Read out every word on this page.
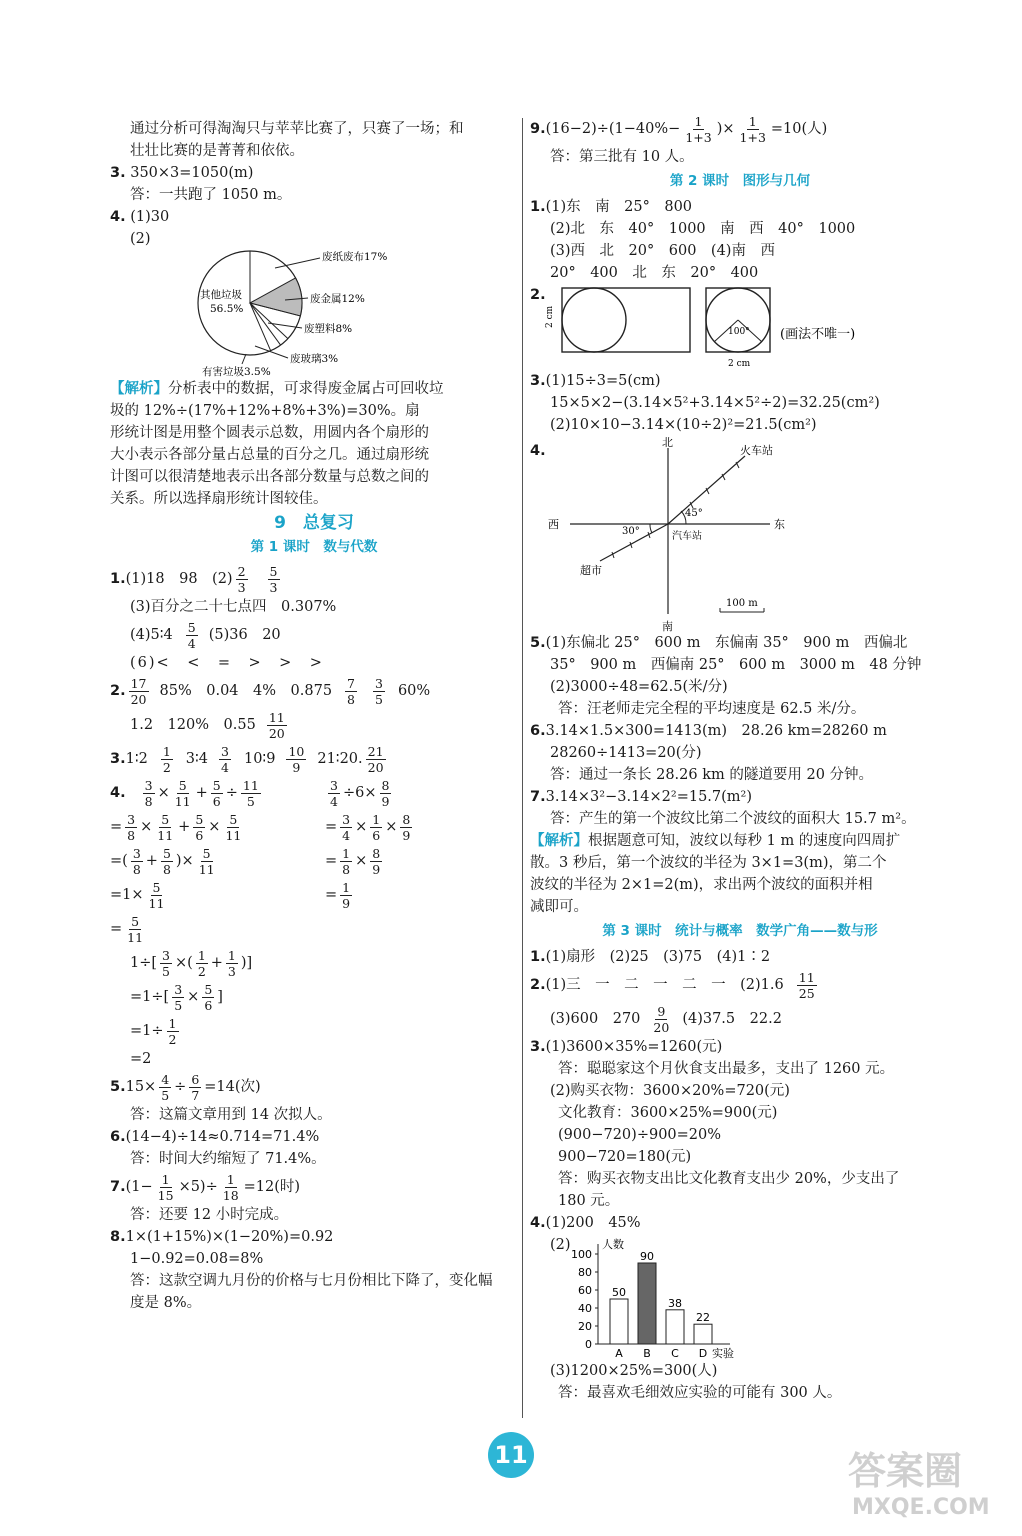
通过分析可得淘淘只与苹苹比赛了，只赛了一场；和
壮壮比赛的是菁菁和依依。
3. 350×3=1050(m)
答：一共跑了 1050 m。
4. (1)30
(2)
废纸废布17%
废金属12%
废塑料8%
废玻璃3%
有害垃圾3.5%
其他垃圾
56.5%
【解析】分析表中的数据，可求得废金属占可回收垃
圾的 12%÷(17%+12%+8%+3%)=30%。扇
形统计图是用整个圆表示总数，用圆内各个扇形的
大小表示各部分量占总量的百分之几。通过扇形统
计图可以很清楚地表示出各部分数量与总数之间的
关系。所以选择扇形统计图较佳。
9　总复习
第 1 课时　数与代数
1. (1)18　98　$(2) \frac{2}{3} \frac{5}{3}$
(3)百分之二十七点四　0.307%
(4)5∶4 $\frac{5}{4} (5)36$　20
(6)<　<　=　>　>　>
2. $\frac{17}{20} 85\%$　0.04　4%　$0.875 \frac{7}{8} \frac{3}{5} 60\%$
1.2　120%　$0.55 \frac{11}{20}$
3. 1∶2 $\frac{1}{2}$ 3∶4 $\frac{3}{4}$ 10∶9 $\frac{10}{9}$ 21∶20. $\frac{21}{20}$
4. $\frac{3}{8} \times \frac{5}{11} + \frac{5}{6} \div \frac{11}{5}$
= $\frac{3}{8} \times \frac{5}{11} + \frac{5}{6} \times \frac{5}{11}$
= ( $\frac{3}{8} + \frac{5}{8}$ )× $\frac{5}{11}$
= $1 \times \frac{5}{11}$
= $\frac{5}{11}$
$\frac{3}{4} \div 6 \times \frac{8}{9}$
= $\frac{3}{4} \times \frac{1}{6} \times \frac{8}{9}$
= $\frac{1}{8} \times \frac{8}{9}$
= $\frac{1}{9}$
1 ÷[ $\frac{3}{5}$ ×( $\frac{1}{2} + \frac{1}{3}$ )]
= 1 ÷[ $\frac{3}{5} \times \frac{5}{6}$ ]
= $1 \div \frac{1}{2}$
=2
5. $15\times \frac{4}{5} \div \frac{6}{7} =14$(次)
答：这篇文章用到 14 次拟人。
6.(14−4)÷14≈0.714=71.4%
答：时间大约缩短了 71.4%。
7. $(1- \frac{1}{15} \times 5)\div \frac{1}{18} =12$(时)
答：还要 12 小时完成。
8.1×(1+15%)×(1−20%)=0.92
1−0.92=0.08=8%
答：这款空调九月份的价格与七月份相比下降了，变化幅
度是 8%。
9. $(16-2)\div(1-40\%- \frac{1}{1+3}$ )× $\frac{1}{1+3} =10$(人)
答：第三批有 10 人。
第 2 课时　图形与几何
1.(1)东　南　25°　800
(2)北　东　40°　1000　南　西　40°　1000
(3)西　北　20°　600　(4)南　西
20°　400　北　东　20°　400
2.
2 cm
100°
2 cm
(画法不唯一)
3.(1)15÷3=5(cm)
15×5×2−(3.14×5²+3.14×5²÷2)=32.25(cm²)
(2)10×10−3.14×(10÷2)²=21.5(cm²)
4.
北
南
东
西
火车站
汽车站
超市
45°
30°
100 m
5.(1)东偏北 25°　600 m　东偏南 35°　900 m　西偏北
35°　900 m　西偏南 25°　600 m　3000 m　48 分钟
(2)3000÷48=62.5(米/分)
答：汪老师走完全程的平均速度是 62.5 米/分。
6.3.14×1.5×300=1413(m)　28.26 km=28260 m
28260÷1413=20(分)
答：通过一条长 28.26 km 的隧道要用 20 分钟。
7.3.14×3²−3.14×2²=15.7(m²)
答：产生的第一个波纹比第二个波纹的面积大 15.7 m²。
【解析】根据题意可知，波纹以每秒 1 m 的速度向四周扩
散。3 秒后，第一个波纹的半径为 3×1=3(m)，第二个
波纹的半径为 2×1=2(m)，求出两个波纹的面积并相
减即可。
第 3 课时　统计与概率　数学广角——数与形
1.(1)扇形　(2)25　(3)75　(4)1∶2
2. (1)三　一　二　一　二　一　$(2)1.6 \frac{11}{25}$
(3)600　$270 \frac{9}{20} (4)37.5$　22.2
3.(1)3600×35%=1260(元)
答：聪聪家这个月伙食支出最多，支出了 1260 元。
(2)购买衣物：3600×20%=720(元)
文化教育：3600×25%=900(元)
(900−720)÷900=20%
900−720=180(元)
答：购买衣物支出比文化教育支出少 20%，少支出了
180 元。
4.(1)200　45%
(2)
0
20
40
60
80
100
人数
50
A
90
B
38
C
22
D 实验
(3)1200×25%=300(人)
答：最喜欢毛细效应实验的可能有 300 人。
11	答案圈
MXQE.COM
